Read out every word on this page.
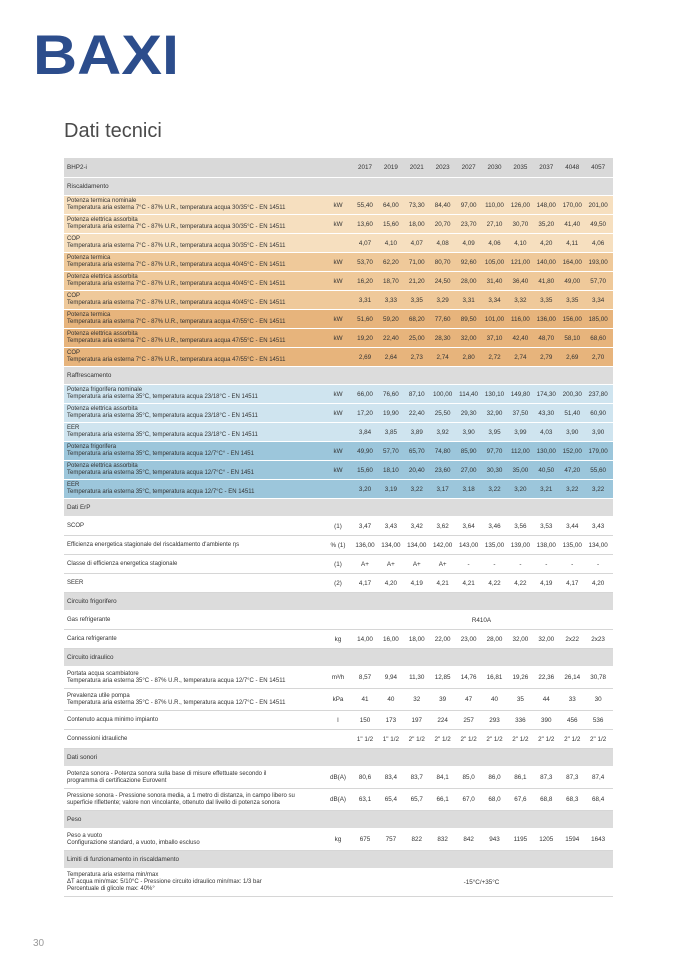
BAXI
Dati tecnici
BHP2-i	2017	2019	2021	2023	2027	2030	2035	2037	4048	4057
Riscaldamento
Potenza termica nominale
Temperatura aria esterna 7°C - 87% U.R., temperatura acqua 30/35°C - EN 14511	kW	55,40	64,00	73,30	84,40	97,00	110,00	126,00	148,00	170,00	201,00
Potenza elettrica assorbita
Temperatura aria esterna 7°C - 87% U.R., temperatura acqua 30/35°C - EN 14511	kW	13,60	15,60	18,00	20,70	23,70	27,10	30,70	35,20	41,40	49,50
COP
Temperatura aria esterna 7°C - 87% U.R., temperatura acqua 30/35°C - EN 14511	4,07	4,10	4,07	4,08	4,09	4,06	4,10	4,20	4,11	4,06
Potenza termica
Temperatura aria esterna 7°C - 87% U.R., temperatura acqua 40/45°C - EN 14511	kW	53,70	62,20	71,00	80,70	92,60	105,00	121,00	140,00	164,00	193,00
Potenza elettrica assorbita
Temperatura aria esterna 7°C - 87% U.R., temperatura acqua 40/45°C - EN 14511	kW	16,20	18,70	21,20	24,50	28,00	31,40	36,40	41,80	49,00	57,70
COP
Temperatura aria esterna 7°C - 87% U.R., temperatura acqua 40/45°C - EN 14511	3,31	3,33	3,35	3,29	3,31	3,34	3,32	3,35	3,35	3,34
Potenza termica
Temperatura aria esterna 7°C - 87% U.R., temperatura acqua 47/55°C - EN 14511	kW	51,60	59,20	68,20	77,60	89,50	101,00	116,00	136,00	156,00	185,00
Potenza elettrica assorbita
Temperatura aria esterna 7°C - 87% U.R., temperatura acqua 47/55°C - EN 14511	kW	19,20	22,40	25,00	28,30	32,00	37,10	42,40	48,70	58,10	68,60
COP
Temperatura aria esterna 7°C - 87% U.R., temperatura acqua 47/55°C - EN 14511	2,69	2,64	2,73	2,74	2,80	2,72	2,74	2,79	2,69	2,70
Raffrescamento
Potenza frigorifera nominale
Temperatura aria esterna 35°C, temperatura acqua 23/18°C - EN 14511	kW	66,00	76,60	87,10	100,00	114,40	130,10	149,80	174,30	200,30	237,80
Potenza elettrica assorbita
Temperatura aria esterna 35°C, temperatura acqua 23/18°C - EN 14511	kW	17,20	19,90	22,40	25,50	29,30	32,90	37,50	43,30	51,40	60,90
EER
Temperatura aria esterna 35°C, temperatura acqua 23/18°C - EN 14511	3,84	3,85	3,89	3,92	3,90	3,95	3,99	4,03	3,90	3,90
Potenza frigorifera
Temperatura aria esterna 35°C, temperatura acqua 12/7°C° - EN 1451	kW	49,90	57,70	65,70	74,80	85,90	97,70	112,00	130,00	152,00	179,00
Potenza elettrica assorbita
Temperatura aria esterna 35°C, temperatura acqua 12/7°C° - EN 1451	kW	15,60	18,10	20,40	23,60	27,00	30,30	35,00	40,50	47,20	55,60
EER
Temperatura aria esterna 35°C, temperatura acqua 12/7°C - EN 14511	3,20	3,19	3,22	3,17	3,18	3,22	3,20	3,21	3,22	3,22
Dati ErP
SCOP	(1)	3,47	3,43	3,42	3,62	3,64	3,46	3,56	3,53	3,44	3,43
Efficienza energetica stagionale del riscaldamento d'ambiente ηs	% (1)	136,00	134,00	134,00	142,00	143,00	135,00	139,00	138,00	135,00	134,00
Classe di efficienza energetica stagionale	(1)	A+	A+	A+	A+	-	-	-	-	-	-
SEER	(2)	4,17	4,20	4,19	4,21	4,21	4,22	4,22	4,19	4,17	4,20
Circuito frigorifero
Gas refrigerante	R410A
Carica refrigerante	kg	14,00	16,00	18,00	22,00	23,00	28,00	32,00	32,00	2x22	2x23
Circuito idraulico
Portata acqua scambiatore
Temperatura aria esterna 35°C - 87% U.R., temperatura acqua 12/7°C - EN 14511	m³/h	8,57	9,94	11,30	12,85	14,76	16,81	19,26	22,36	26,14	30,78
Prevalenza utile pompa
Temperatura aria esterna 35°C - 87% U.R., temperatura acqua 12/7°C - EN 14511	kPa	41	40	32	39	47	40	35	44	33	30
Contenuto acqua minimo impianto	l	150	173	197	224	257	293	336	390	456	536
Connessioni idrauliche	1" 1/2	1" 1/2	2" 1/2	2" 1/2	2" 1/2	2" 1/2	2" 1/2	2" 1/2	2" 1/2	2" 1/2
Dati sonori
Potenza sonora - Potenza sonora sulla base di misure effettuate secondo il
programma di certificazione Eurovent	dB(A)	80,6	83,4	83,7	84,1	85,0	86,0	86,1	87,3	87,3	87,4
Pressione sonora - Pressione sonora media, a 1 metro di distanza, in campo libero su
superficie riflettente; valore non vincolante, ottenuto dal livello di potenza sonora	dB(A)	63,1	65,4	65,7	66,1	67,0	68,0	67,6	68,8	68,3	68,4
Peso
Peso a vuoto
Configurazione standard, a vuoto, imballo escluso	kg	675	757	822	832	842	943	1195	1205	1594	1643
Limiti di funzionamento in riscaldamento
Temperatura aria esterna min/max
ΔT acqua min/max: 5/10°C - Pressione circuito idraulico min/max: 1/3 bar
Percentuale di glicole max: 40%°
-15°C/+35°C
30
